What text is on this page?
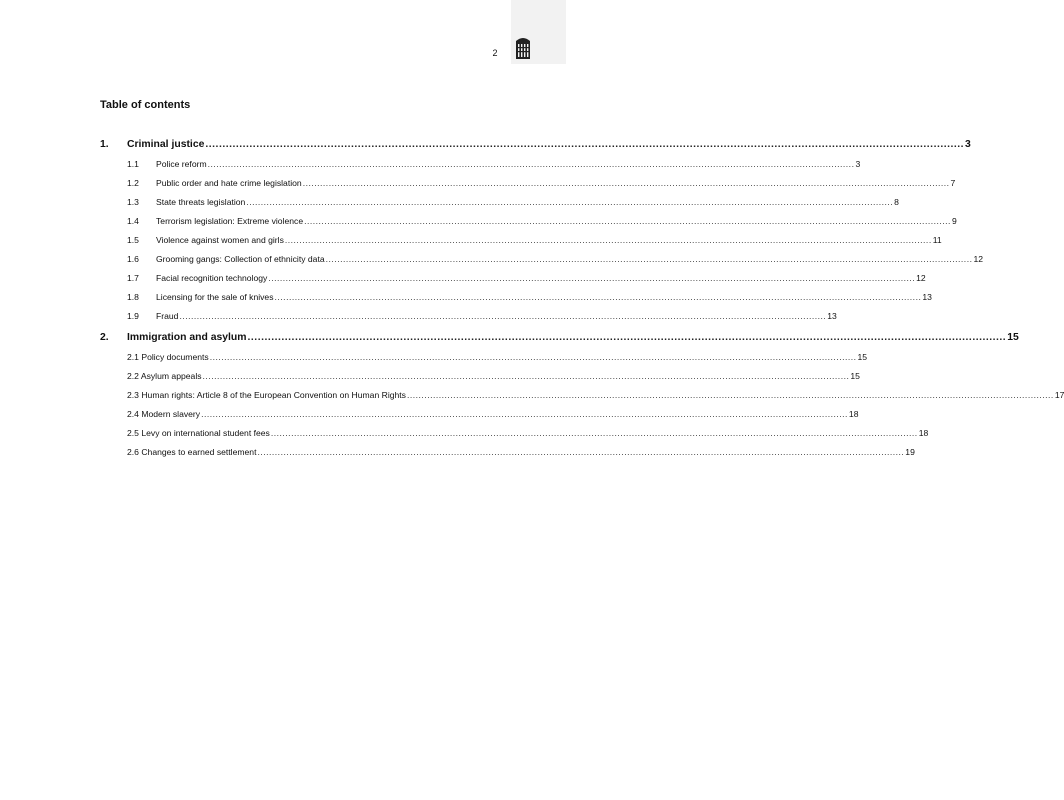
2
Table of contents
1.	Criminal justice .....	3
1.1	Police reform .....	3
1.2	Public order and hate crime legislation .....	7
1.3	State threats legislation .....	8
1.4	Terrorism legislation: Extreme violence .....	9
1.5	Violence against women and girls .....	11
1.6	Grooming gangs: Collection of ethnicity data .....	12
1.7	Facial recognition technology .....	12
1.8	Licensing for the sale of knives .....	13
1.9	Fraud .....	13
2.	Immigration and asylum .....	15
2.1 Policy documents .....	15
2.2 Asylum appeals .....	15
2.3 Human rights: Article 8 of the European Convention on Human Rights .....	17
2.4 Modern slavery .....	18
2.5 Levy on international student fees .....	18
2.6 Changes to earned settlement .....	19
